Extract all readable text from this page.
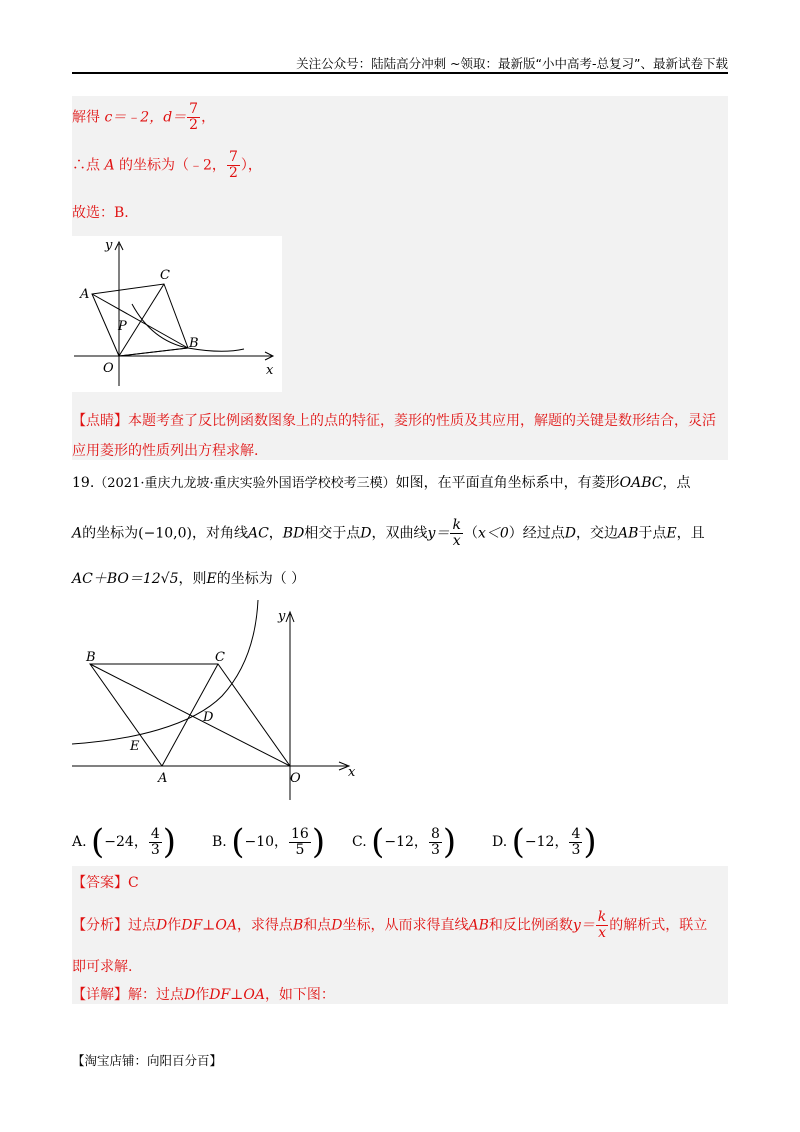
关注公众号：陆陆高分冲刺 ~领取：最新版“小中高考-总复习”、最新试卷下载
解得 c＝﹣2，$d= \frac{7}{2}$ ，
∴点 A 的坐标为（﹣2， $\frac{7}{2}$ ），
故选：B.
y
x
A
C
P
B
O
【点睛】本题考查了反比例函数图象上的点的特征，菱形的性质及其应用，解题的关键是数形结合，灵活
应用菱形的性质列出方程求解.
19.（2021·重庆九龙坡·重庆实验外国语学校校考三模）如图，在平面直角坐标系中，有菱形OABC，点
A的坐标为(−10,0)，对角线AC，BD相交于点D，双曲线$y= \frac{k}{x} (x<0)$经过点D，交边AB于点E，且
AC＋BO＝12√5，则E的坐标为（ ）
y
x
B	C
D
E
A	O
A. (−24， $\frac{4}{3}$ )	B. (−10， $\frac{16}{5}$ ) C. (−12， $\frac{8}{3}$ )	D. (−12， $\frac{4}{3}$ )
【答案】C
【分析】过点D作DF⊥OA，求得点B和点D坐标，从而求得直线AB和反比例函数$y= \frac{k}{x}$ 的解析式，联立
即可求解.
【详解】解：过点D作DF⊥OA，如下图：
【淘宝店铺：向阳百分百】
